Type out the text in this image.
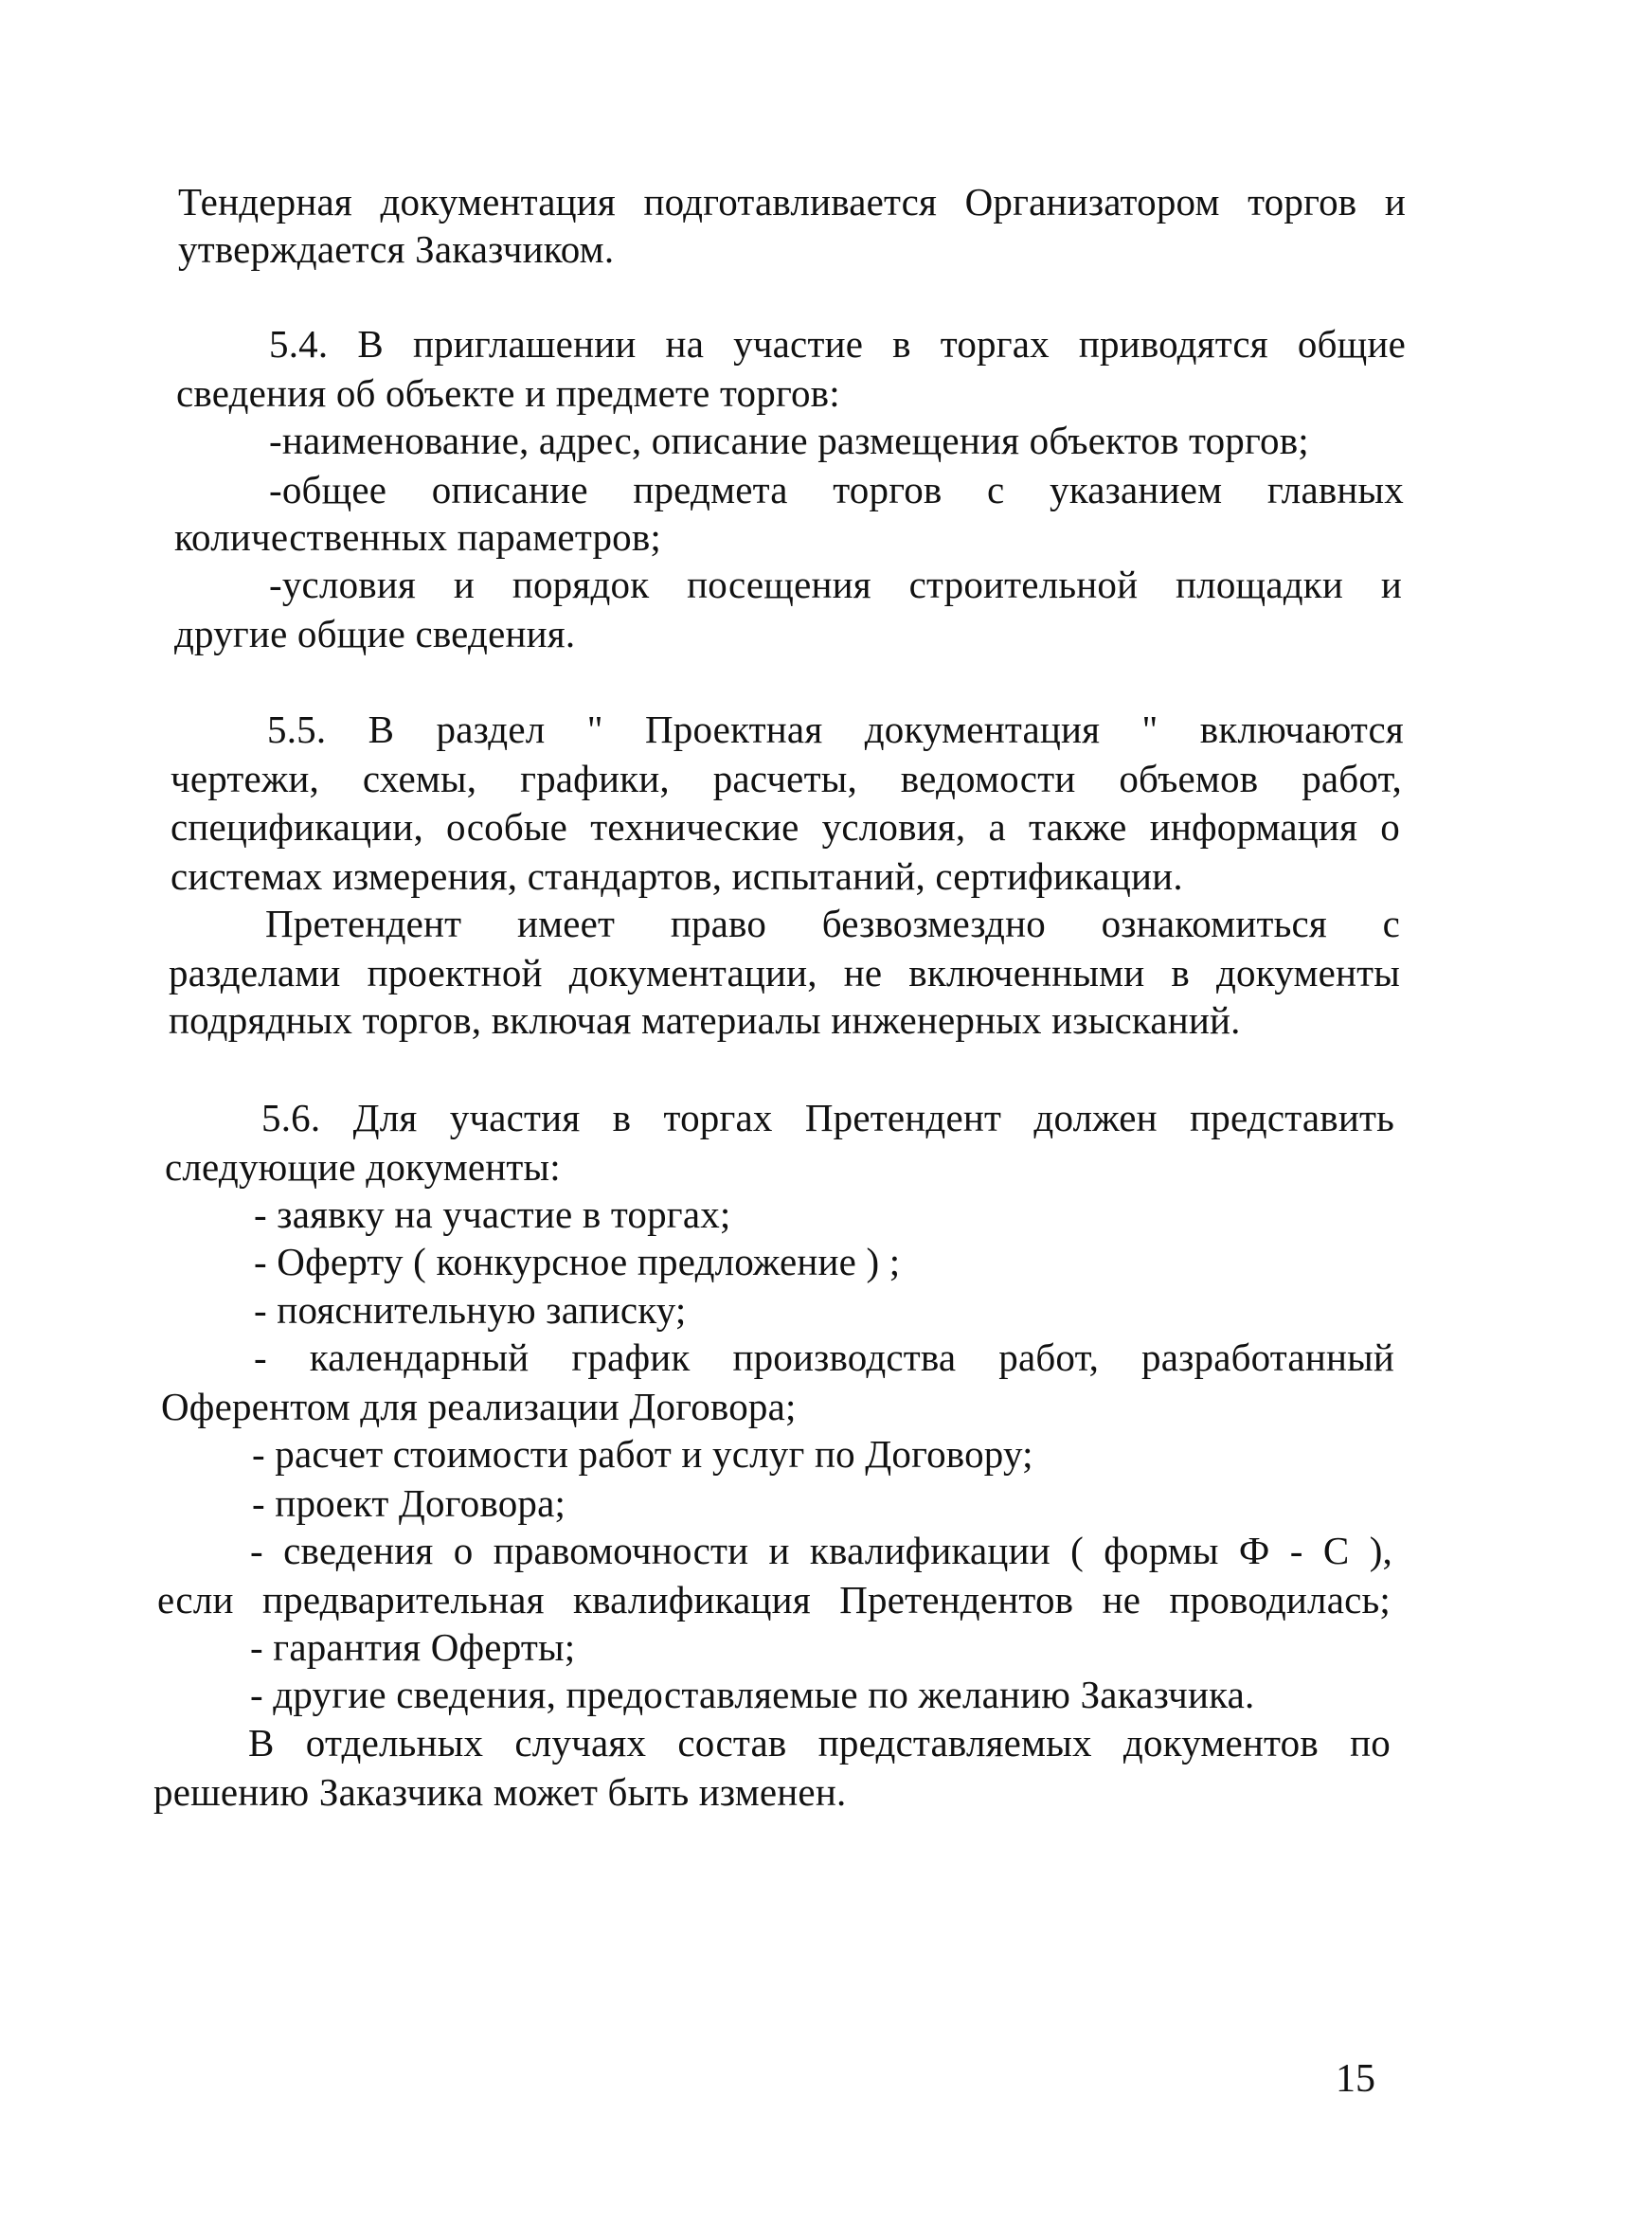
Тендерная документация подготавливается Организатором торгов и
утверждается Заказчиком.
5.4. В приглашении на участие в торгах приводятся общие
сведения об объекте и предмете торгов:
-наименование, адрес, описание размещения объектов торгов;
-общее описание предмета торгов с указанием главных
количественных параметров;
-условия и порядок посещения строительной площадки и
другие общие сведения.
5.5. В раздел " Проектная документация " включаются
чертежи, схемы, графики, расчеты, ведомости объемов работ,
спецификации, особые технические условия, а также информация о
системах измерения, стандартов, испытаний, сертификации.
Претендент имеет право безвозмездно ознакомиться с
разделами проектной документации, не включенными в документы
подрядных торгов, включая материалы инженерных изысканий.
5.6. Для участия в торгах Претендент должен представить
следующие документы:
- заявку на участие в торгах;
- Оферту ( конкурсное предложение ) ;
- пояснительную записку;
- календарный график производства работ, разработанный
Оферентом для реализации Договора;
- расчет стоимости работ и услуг по Договору;
- проект Договора;
- сведения о правомочности и квалификации ( формы Ф - С ),
если предварительная квалификация Претендентов не проводилась;
- гарантия Оферты;
- другие сведения, предоставляемые по желанию Заказчика.
В отдельных случаях состав представляемых документов по
решению Заказчика может быть изменен.
15
